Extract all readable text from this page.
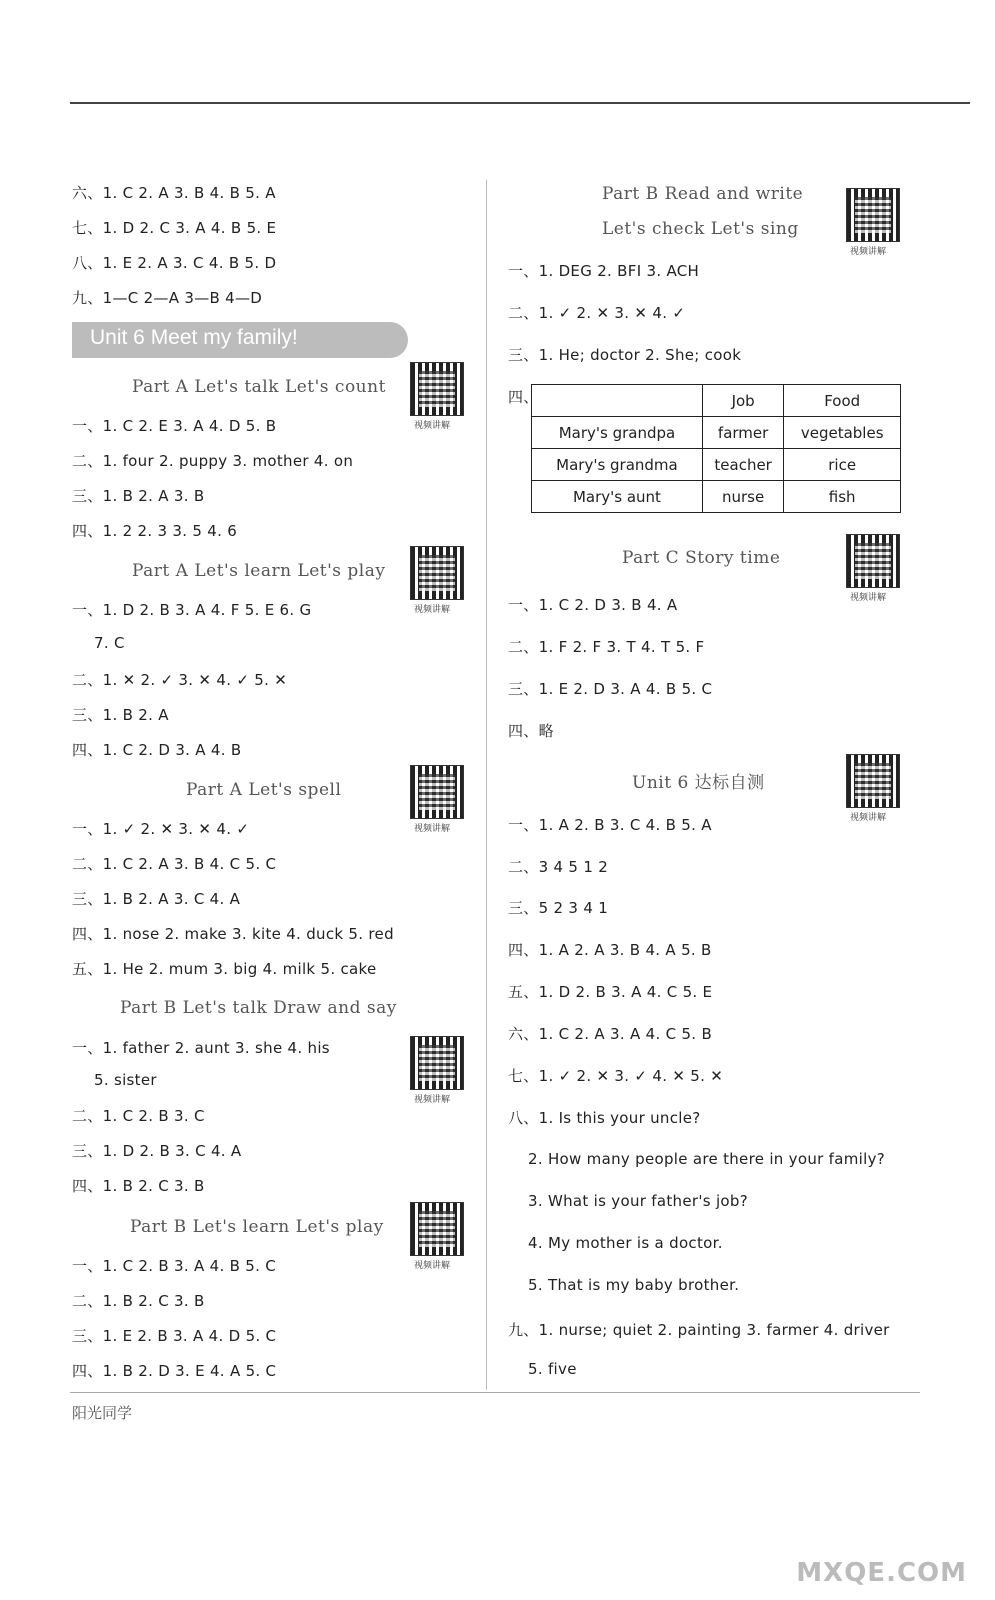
六、1. C 2. A 3. B 4. B 5. A
七、1. D 2. C 3. A 4. B 5. E
八、1. E 2. A 3. C 4. B 5. D
九、1—C 2—A 3—B 4—D
Unit 6 Meet my family!
Part A Let's talk Let's count
视频讲解
一、1. C 2. E 3. A 4. D 5. B
二、1. four 2. puppy 3. mother 4. on
三、1. B 2. A 3. B
四、1. 2 2. 3 3. 5 4. 6
Part A Let's learn Let's play
视频讲解
一、1. D 2. B 3. A 4. F 5. E 6. G
7. C
二、1. ✕ 2. ✓ 3. ✕ 4. ✓ 5. ✕
三、1. B 2. A
四、1. C 2. D 3. A 4. B
Part A Let's spell
视频讲解
一、1. ✓ 2. ✕ 3. ✕ 4. ✓
二、1. C 2. A 3. B 4. C 5. C
三、1. B 2. A 3. C 4. A
四、1. nose 2. make 3. kite 4. duck 5. red
五、1. He 2. mum 3. big 4. milk 5. cake
Part B Let's talk Draw and say
视频讲解
一、1. father 2. aunt 3. she 4. his
5. sister
二、1. C 2. B 3. C
三、1. D 2. B 3. C 4. A
四、1. B 2. C 3. B
Part B Let's learn Let's play
视频讲解
一、1. C 2. B 3. A 4. B 5. C
二、1. B 2. C 3. B
三、1. E 2. B 3. A 4. D 5. C
四、1. B 2. D 3. E 4. A 5. C
Part B Read and write
Let's check Let's sing
视频讲解
一、1. DEG 2. BFI 3. ACH
二、1. ✓ 2. ✕ 3. ✕ 4. ✓
三、1. He; doctor 2. She; cook
四、
		Job	Food
Mary's grandpa	farmer	vegetables
Mary's grandma	teacher	rice
Mary's aunt	nurse	fish
Part C Story time
视频讲解
一、1. C 2. D 3. B 4. A
二、1. F 2. F 3. T 4. T 5. F
三、1. E 2. D 3. A 4. B 5. C
四、略
Unit 6 达标自测
视频讲解
一、1. A 2. B 3. C 4. B 5. A
二、3 4 5 1 2
三、5 2 3 4 1
四、1. A 2. A 3. B 4. A 5. B
五、1. D 2. B 3. A 4. C 5. E
六、1. C 2. A 3. A 4. C 5. B
七、1. ✓ 2. ✕ 3. ✓ 4. ✕ 5. ✕
八、1. Is this your uncle?
2. How many people are there in your family?
3. What is your father's job?
4. My mother is a doctor.
5. That is my baby brother.
九、1. nurse; quiet 2. painting 3. farmer 4. driver
5. five
阳光同学
MXQE.COM
